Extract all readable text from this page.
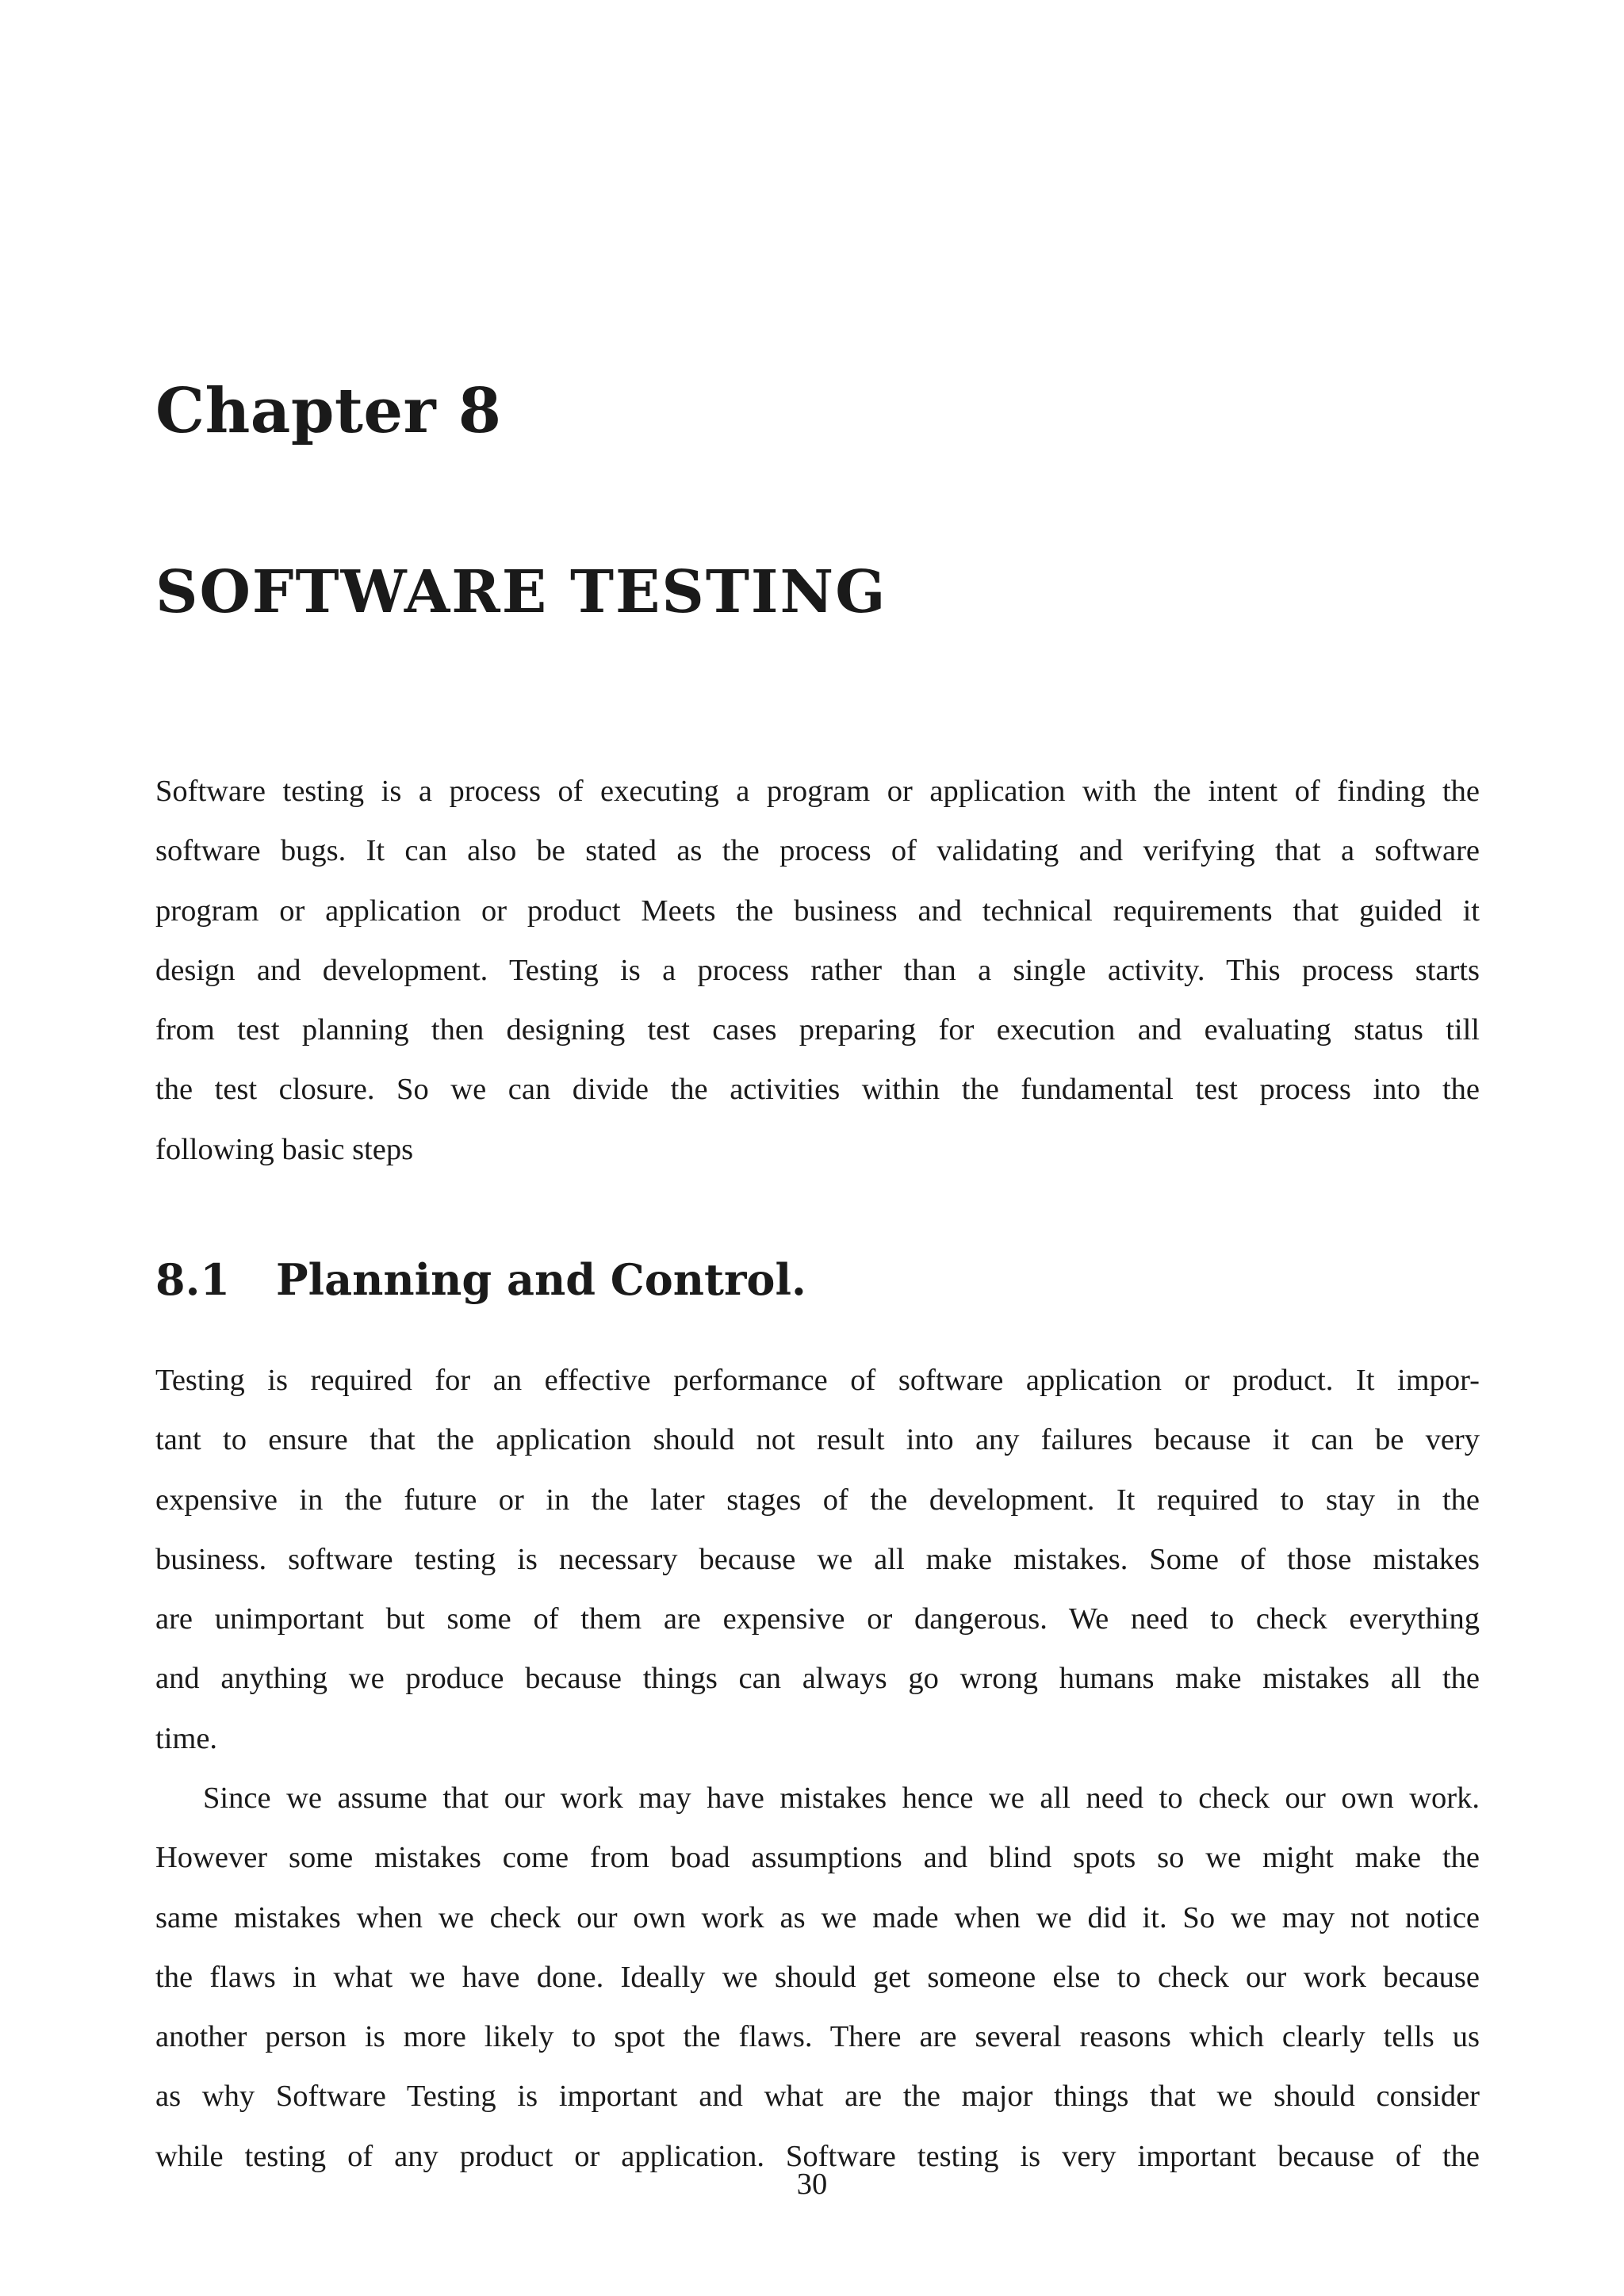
Chapter 8
SOFTWARE TESTING

Software testing is a process of executing a program or application with the intent of finding the
software bugs. It can also be stated as the process of validating and verifying that a software
program or application or product Meets the business and technical requirements that guided it
design and development. Testing is a process rather than a single activity. This process starts
from test planning then designing test cases preparing for execution and evaluating status till
the test closure. So we can divide the activities within the fundamental test process into the
following basic steps

8.1 Planning and Control.

Testing is required for an effective performance of software application or product. It impor-
tant to ensure that the application should not result into any failures because it can be very
expensive in the future or in the later stages of the development. It required to stay in the
business. software testing is necessary because we all make mistakes. Some of those mistakes
are unimportant but some of them are expensive or dangerous. We need to check everything
and anything we produce because things can always go wrong humans make mistakes all the
time.

Since we assume that our work may have mistakes hence we all need to check our own work.
However some mistakes come from boad assumptions and blind spots so we might make the
same mistakes when we check our own work as we made when we did it. So we may not notice
the flaws in what we have done. Ideally we should get someone else to check our work because
another person is more likely to spot the flaws. There are several reasons which clearly tells us
as why Software Testing is important and what are the major things that we should consider
while testing of any product or application. Software testing is very important because of the

30
